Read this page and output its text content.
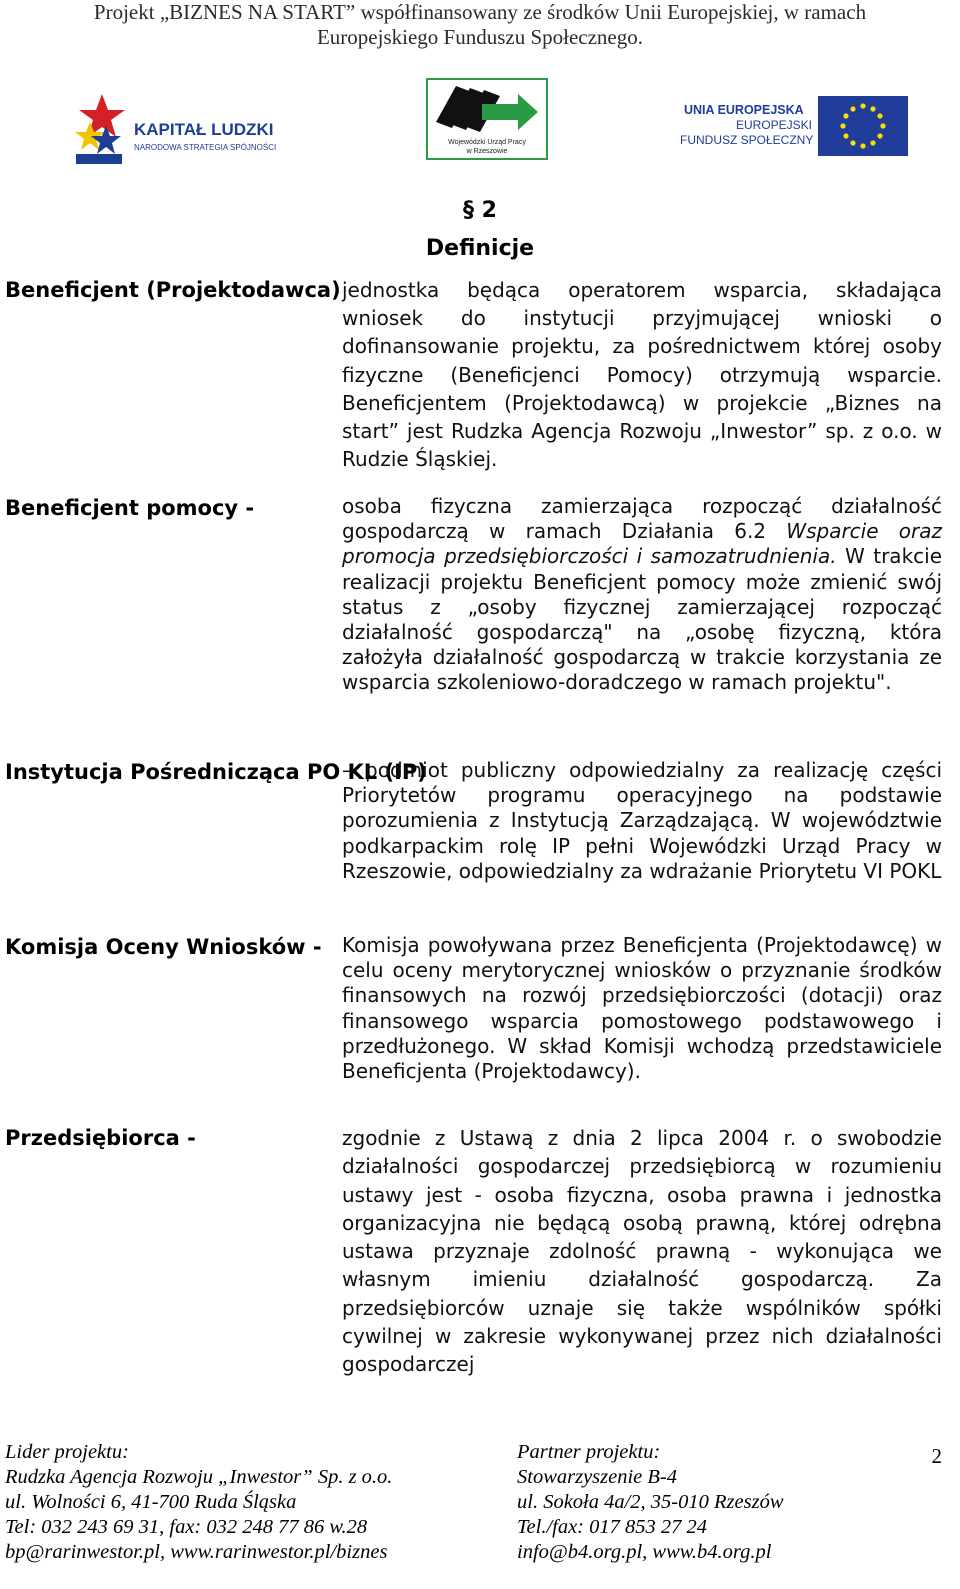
Projekt „BIZNES NA START” współfinansowany ze środków Unii Europejskiej, w ramach
Europejskiego Funduszu Społecznego.
KAPITAŁ LUDZKI
NARODOWA STRATEGIA SPÓJNOŚCI
Wojewódzki Urząd Pracy
w Rzeszowie
UNIA EUROPEJSKA
EUROPEJSKI
FUNDUSZ SPOŁECZNY
§ 2
Definicje
Beneficjent (Projektodawca) jednostka będąca operatorem wsparcia, składająca wniosek do instytucji przyjmującej wnioski o dofinansowanie projektu, za pośrednictwem której osoby fizyczne (Beneficjenci Pomocy) otrzymują wsparcie. Beneficjentem (Projektodawcą) w projekcie „Biznes na start” jest Rudzka Agencja Rozwoju „Inwestor” sp. z o.o. w Rudzie Śląskiej.
Beneficjent pomocy -	osoba fizyczna zamierzająca rozpocząć działalność gospodarczą w ramach Działania 6.2 Wsparcie oraz promocja przedsiębiorczości i samozatrudnienia. W trakcie realizacji projektu Beneficjent pomocy może zmienić swój status z „osoby fizycznej zamierzającej rozpocząć działalność gospodarczą" na „osobę fizyczną, która założyła działalność gospodarczą w trakcie korzystania ze wsparcia szkoleniowo-doradczego w ramach projektu".
Instytucja Pośrednicząca PO KL (IP)
– podmiot publiczny odpowiedzialny za realizację części Priorytetów programu operacyjnego na podstawie porozumienia z Instytucją Zarządzającą. W województwie podkarpackim rolę IP pełni Wojewódzki Urząd Pracy w Rzeszowie, odpowiedzialny za wdrażanie Priorytetu VI POKL
Komisja Oceny Wniosków - Komisja powoływana przez Beneficjenta (Projektodawcę) w celu oceny merytorycznej wniosków o przyznanie środków finansowych na rozwój przedsiębiorczości (dotacji) oraz finansowego wsparcia pomostowego podstawowego i przedłużonego. W skład Komisji wchodzą przedstawiciele Beneficjenta (Projektodawcy).
Przedsiębiorca -	zgodnie z Ustawą z dnia 2 lipca 2004 r. o swobodzie działalności gospodarczej przedsiębiorcą w rozumieniu ustawy jest - osoba fizyczna, osoba prawna i jednostka organizacyjna nie będącą osobą prawną, której odrębna ustawa przyznaje zdolność prawną - wykonująca we własnym imieniu działalność gospodarczą. Za przedsiębiorców uznaje się także wspólników spółki cywilnej w zakresie wykonywanej przez nich działalności gospodarczej
Lider projektu:
Rudzka Agencja Rozwoju „Inwestor” Sp. z o.o.
ul. Wolności 6, 41-700 Ruda Śląska
Tel: 032 243 69 31, fax: 032 248 77 86 w.28
bp@rarinwestor.pl, www.rarinwestor.pl/biznes
Partner projektu:
Stowarzyszenie B-4
ul. Sokoła 4a/2, 35-010 Rzeszów
Tel./fax: 017 853 27 24
info@b4.org.pl, www.b4.org.pl
2
